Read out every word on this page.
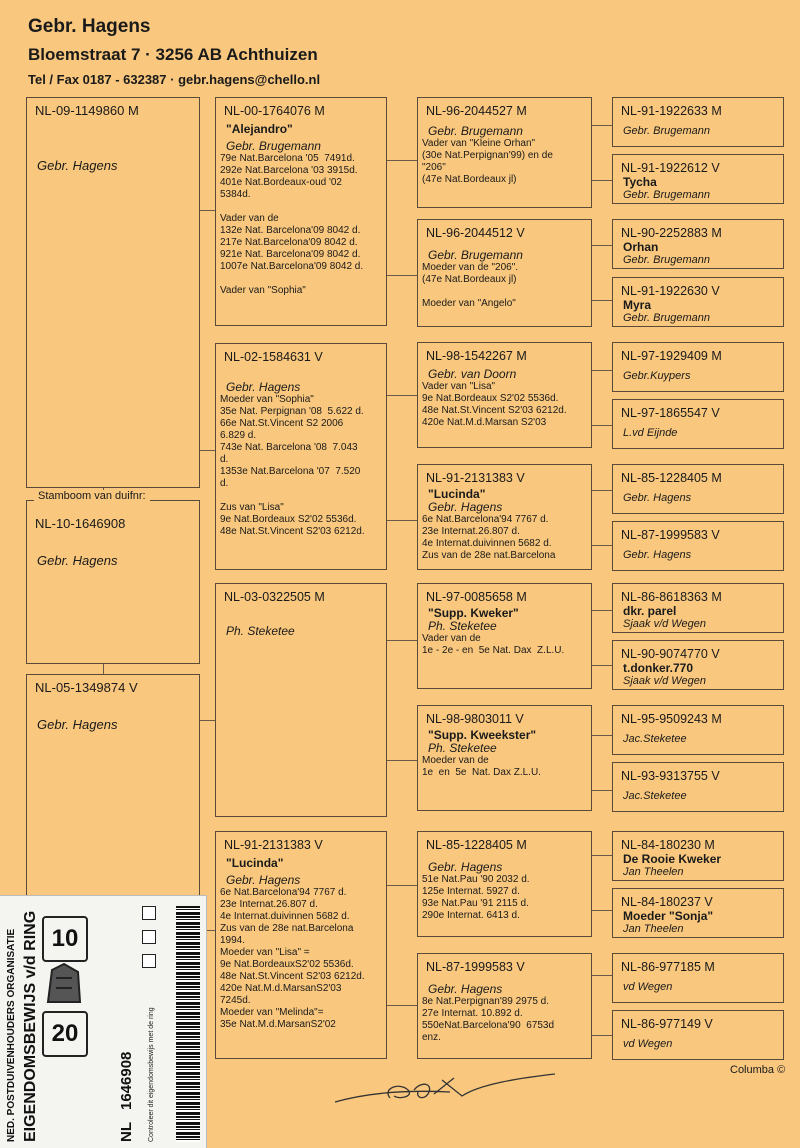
Gebr. Hagens
Bloemstraat 7 · 3256 AB Achthuizen
Tel / Fax 0187 - 632387 · gebr.hagens@chello.nl
NL-09-1149860 M
Gebr. Hagens
NL-10-1646908
Gebr. Hagens
Stamboom van duifnr:
NL-05-1349874 V
Gebr. Hagens
NL-00-1764076 M
"Alejandro"
Gebr. Brugemann
79e Nat.Barcelona '05  7491d.
292e Nat.Barcelona '03 3915d.
401e Nat.Bordeaux-oud '02
5384d.

Vader van de
132e Nat. Barcelona'09 8042 d.
217e Nat.Barcelona'09 8042 d.
921e Nat. Barcelona'09 8042 d.
1007e Nat.Barcelona'09 8042 d.

Vader van "Sophia"
NL-02-1584631 V
Gebr. Hagens
Moeder van "Sophia"
35e Nat. Perpignan '08  5.622 d.
66e Nat.St.Vincent S2 2006
6.829 d.
743e Nat. Barcelona '08  7.043
d.
1353e Nat.Barcelona '07  7.520
d.

Zus van "Lisa"
9e Nat.Bordeaux S2'02 5536d.
48e Nat.St.Vincent S2'03 6212d.
NL-03-0322505 M
Ph. Steketee
NL-91-2131383 V
"Lucinda"
Gebr. Hagens
6e Nat.Barcelona'94 7767 d.
23e Internat.26.807 d.
4e Internat.duivinnen 5682 d.
Zus van de 28e nat.Barcelona
1994.
Moeder van "Lisa" =
9e Nat.BordeauxS2'02 5536d.
48e Nat.St.Vincent S2'03 6212d.
420e Nat.M.d.MarsanS2'03
7245d.
Moeder van "Melinda"=
35e Nat.M.d.MarsanS2'02
NL-96-2044527 M
Gebr. Brugemann
Vader van "Kleine Orhan"
(30e Nat.Perpignan'99) en de
"206"
(47e Nat.Bordeaux jl)
NL-96-2044512 V
Gebr. Brugemann
Moeder van de "206".
(47e Nat.Bordeaux jl)

Moeder van "Angelo"
NL-98-1542267 M
Gebr. van Doorn
Vader van "Lisa"
9e Nat.Bordeaux S2'02 5536d.
48e Nat.St.Vincent S2'03 6212d.
420e Nat.M.d.Marsan S2'03
NL-91-2131383 V
"Lucinda"
Gebr. Hagens
6e Nat.Barcelona'94 7767 d.
23e Internat.26.807 d.
4e Internat.duivinnen 5682 d.
Zus van de 28e nat.Barcelona
NL-97-0085658 M
"Supp. Kweker"
Ph. Steketee
Vader van de
1e - 2e - en  5e Nat. Dax  Z.L.U.
NL-98-9803011 V
"Supp. Kweekster"
Ph. Steketee
Moeder van de
1e  en  5e  Nat. Dax Z.L.U.
NL-85-1228405 M
Gebr. Hagens
51e Nat.Pau '90 2032 d.
125e Internat. 5927 d.
93e Nat.Pau '91 2115 d.
290e Internat. 6413 d.
NL-87-1999583 V
Gebr. Hagens
8e Nat.Perpignan'89 2975 d.
27e Internat. 10.892 d.
550eNat.Barcelona'90  6753d
enz.
NL-91-1922633 M
Gebr. Brugemann
NL-91-1922612 V
Tycha
Gebr. Brugemann
NL-90-2252883 M
Orhan
Gebr. Brugemann
NL-91-1922630 V
Myra
Gebr. Brugemann
NL-97-1929409 M
Gebr.Kuypers
NL-97-1865547 V
L.vd Eijnde
NL-85-1228405 M
Gebr. Hagens
NL-87-1999583 V
Gebr. Hagens
NL-86-8618363 M
dkr. parel
Sjaak v/d Wegen
NL-90-9074770 V
t.donker.770
Sjaak v/d Wegen
NL-95-9509243 M
Jac.Steketee
NL-93-9313755 V
Jac.Steketee
NL-84-180230 M
De Rooie Kweker
Jan Theelen
NL-84-180237 V
Moeder "Sonja"
Jan Theelen
NL-86-977185 M
vd Wegen
NL-86-977149 V
vd Wegen
Columba ©
NED. POSTDUIVENHOUDERS ORGANISATIE EIGENDOMSBEWIJS v/d RING 10
20
NL
1646908 Controleer dit eigendomsbewijs met de ring
